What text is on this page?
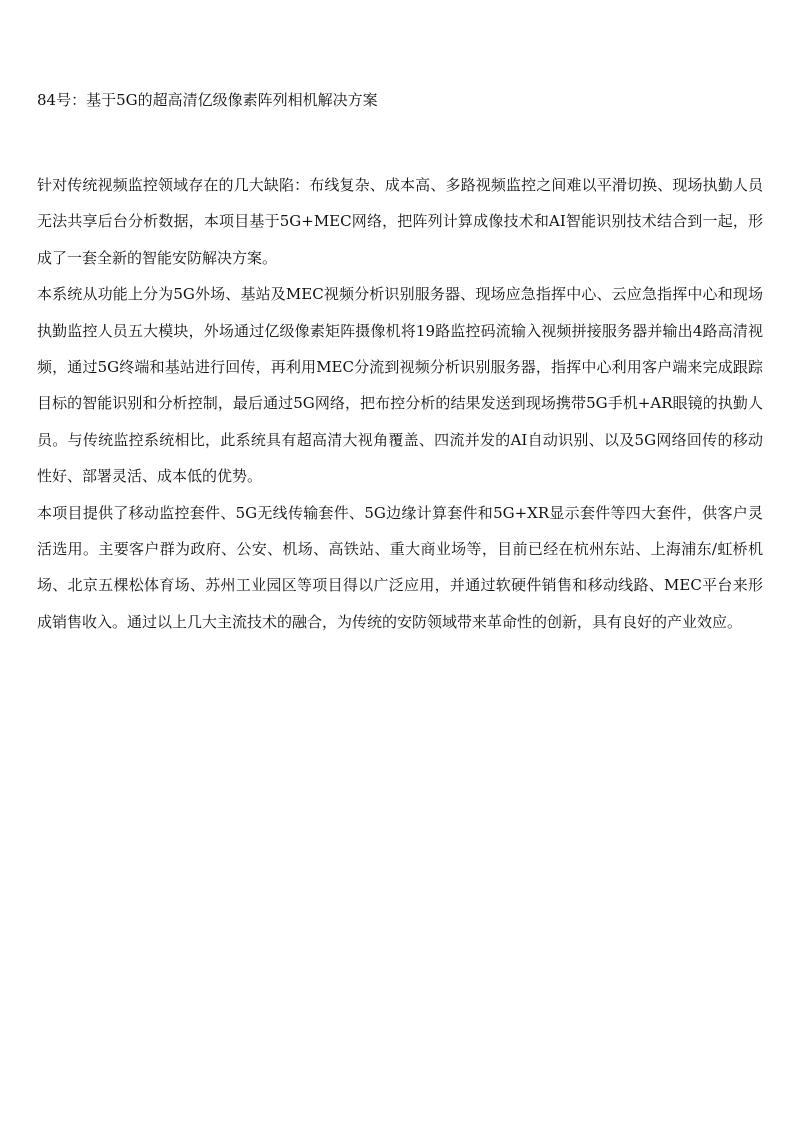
84号：基于5G的超高清亿级像素阵列相机解决方案

针对传统视频监控领域存在的几大缺陷：布线复杂、成本高、多路视频监控之间难以平滑切换、现场执勤人员无法共享后台分析数据，本项目基于5G+MEC网络，把阵列计算成像技术和AI智能识别技术结合到一起，形成了一套全新的智能安防解决方案。

本系统从功能上分为5G外场、基站及MEC视频分析识别服务器、现场应急指挥中心、云应急指挥中心和现场执勤监控人员五大模块，外场通过亿级像素矩阵摄像机将19路监控码流输入视频拼接服务器并输出4路高清视频，通过5G终端和基站进行回传，再利用MEC分流到视频分析识别服务器，指挥中心利用客户端来完成跟踪目标的智能识别和分析控制，最后通过5G网络，把布控分析的结果发送到现场携带5G手机+AR眼镜的执勤人员。与传统监控系统相比，此系统具有超高清大视角覆盖、四流并发的AI自动识别、以及5G网络回传的移动性好、部署灵活、成本低的优势。

本项目提供了移动监控套件、5G无线传输套件、5G边缘计算套件和5G+XR显示套件等四大套件，供客户灵活选用。主要客户群为政府、公安、机场、高铁站、重大商业场等，目前已经在杭州东站、上海浦东/虹桥机场、北京五棵松体育场、苏州工业园区等项目得以广泛应用，并通过软硬件销售和移动线路、MEC平台来形成销售收入。通过以上几大主流技术的融合，为传统的安防领域带来革命性的创新，具有良好的产业效应。
